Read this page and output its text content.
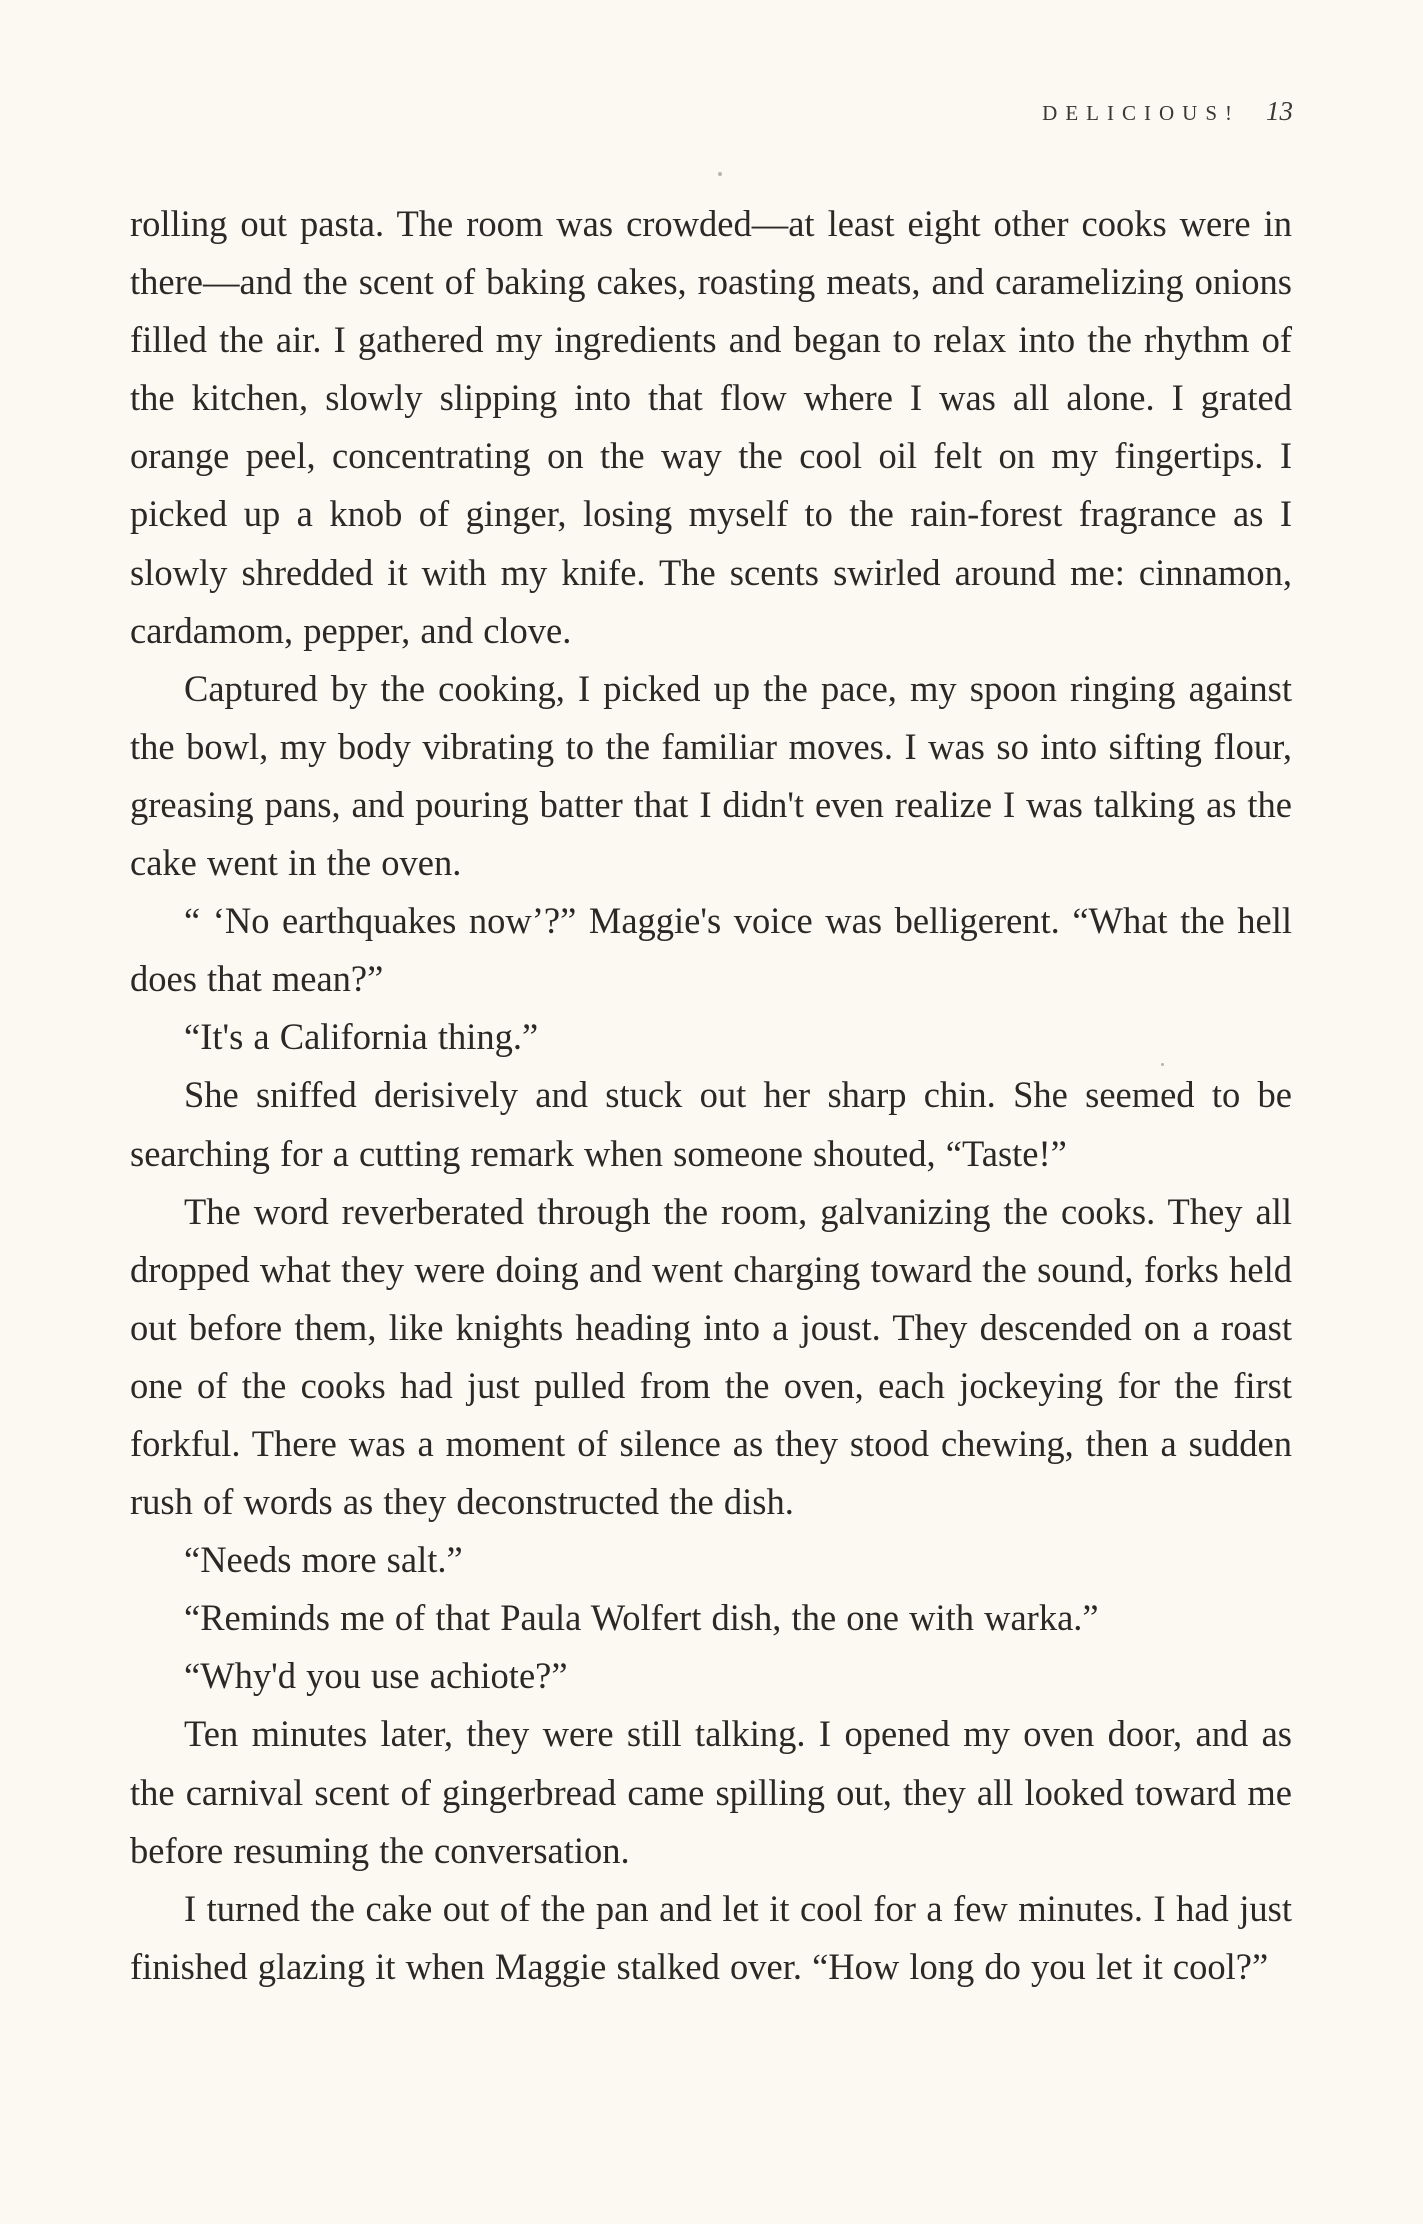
DELICIOUS! 13

rolling out pasta. The room was crowded—at least eight other cooks were in there—and the scent of baking cakes, roasting meats, and caramelizing onions filled the air. I gathered my ingredients and began to relax into the rhythm of the kitchen, slowly slipping into that flow where I was all alone. I grated orange peel, concentrating on the way the cool oil felt on my fingertips. I picked up a knob of ginger, losing myself to the rain-forest fragrance as I slowly shredded it with my knife. The scents swirled around me: cinnamon, cardamom, pepper, and clove.

Captured by the cooking, I picked up the pace, my spoon ringing against the bowl, my body vibrating to the familiar moves. I was so into sifting flour, greasing pans, and pouring batter that I didn't even realize I was talking as the cake went in the oven.

“ ‘No earthquakes now’?” Maggie's voice was belligerent. “What the hell does that mean?”

“It's a California thing.”

She sniffed derisively and stuck out her sharp chin. She seemed to be searching for a cutting remark when someone shouted, “Taste!”

The word reverberated through the room, galvanizing the cooks. They all dropped what they were doing and went charging toward the sound, forks held out before them, like knights heading into a joust. They descended on a roast one of the cooks had just pulled from the oven, each jockeying for the first forkful. There was a moment of silence as they stood chewing, then a sudden rush of words as they deconstructed the dish.

“Needs more salt.”

“Reminds me of that Paula Wolfert dish, the one with warka.”

“Why'd you use achiote?”

Ten minutes later, they were still talking. I opened my oven door, and as the carnival scent of gingerbread came spilling out, they all looked toward me before resuming the conversation.

I turned the cake out of the pan and let it cool for a few minutes. I had just finished glazing it when Maggie stalked over. “How long do you let it cool?”
